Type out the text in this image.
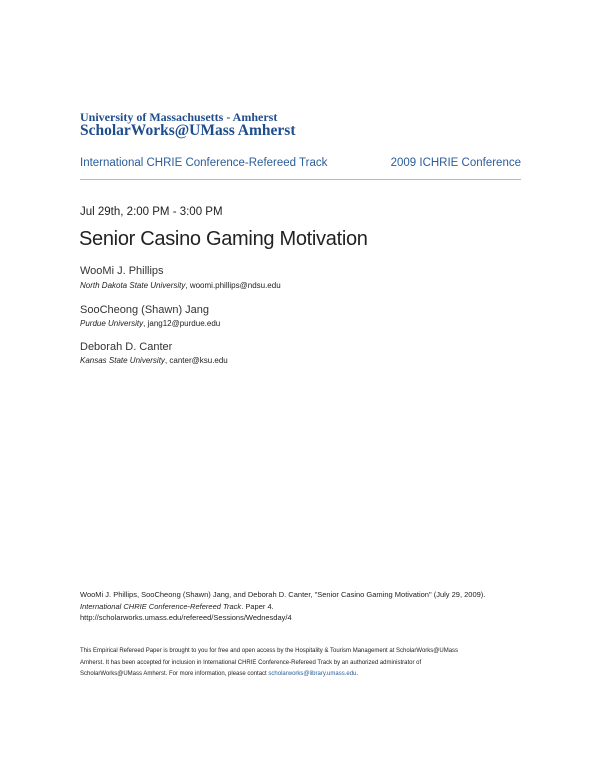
University of Massachusetts - Amherst
ScholarWorks@UMass Amherst
International CHRIE Conference-Refereed Track	2009 ICHRIE Conference
Jul 29th, 2:00 PM - 3:00 PM
Senior Casino Gaming Motivation
WooMi J. Phillips
North Dakota State University, woomi.phillips@ndsu.edu
SooCheong (Shawn) Jang
Purdue University, jang12@purdue.edu
Deborah D. Canter
Kansas State University, canter@ksu.edu
WooMi J. Phillips, SooCheong (Shawn) Jang, and Deborah D. Canter, "Senior Casino Gaming Motivation" (July 29, 2009).
International CHRIE Conference-Refereed Track. Paper 4.
http://scholarworks.umass.edu/refereed/Sessions/Wednesday/4
This Empirical Refereed Paper is brought to you for free and open access by the Hospitality & Tourism Management at ScholarWorks@UMass
Amherst. It has been accepted for inclusion in International CHRIE Conference-Refereed Track by an authorized administrator of
ScholarWorks@UMass Amherst. For more information, please contact scholarworks@library.umass.edu.
